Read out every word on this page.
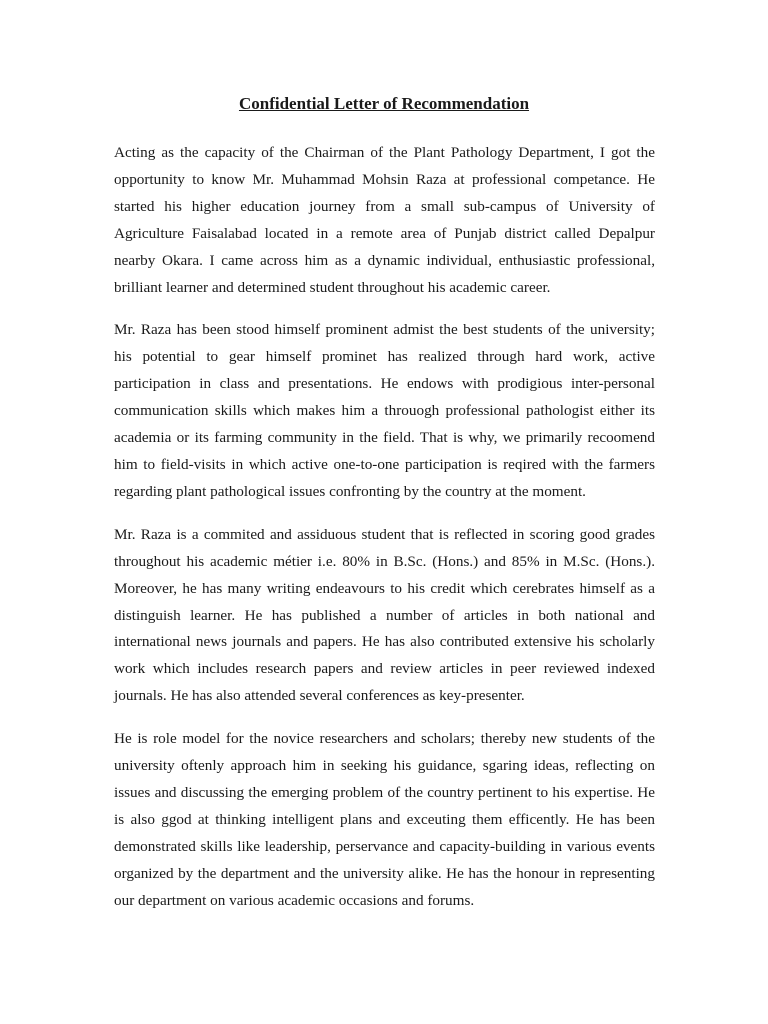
Confidential Letter of Recommendation

Acting as the capacity of the Chairman of the Plant Pathology Department, I got the opportunity to know Mr. Muhammad Mohsin Raza at professional competance. He started his higher education journey from a small sub-campus of University of Agriculture Faisalabad located in a remote area of Punjab district called Depalpur nearby Okara. I came across him as a dynamic individual, enthusiastic professional, brilliant learner and determined student throughout his academic career.

Mr. Raza has been stood himself prominent admist the best students of the university; his potential to gear himself prominet has realized through hard work, active participation in class and presentations. He endows with prodigious inter-personal communication skills which makes him a throuogh professional pathologist either its academia or its farming community in the field. That is why, we primarily recoomend him to field-visits in which active one-to-one participation is reqired with the farmers regarding plant pathological issues confronting by the country at the moment.

Mr. Raza is a commited and assiduous student that is reflected in scoring good grades throughout his academic métier i.e. 80% in B.Sc. (Hons.) and 85% in M.Sc. (Hons.). Moreover, he has many writing endeavours to his credit which cerebrates himself as a distinguish learner. He has published a number of articles in both national and international news journals and papers. He has also contributed extensive his scholarly work which includes research papers and review articles in peer reviewed indexed journals. He has also attended several conferences as key-presenter.

He is role model for the novice researchers and scholars; thereby new students of the university oftenly approach him in seeking his guidance, sgaring ideas, reflecting on issues and discussing the emerging problem of the country pertinent to his expertise. He is also ggod at thinking intelligent plans and exceuting them efficently. He has been demonstrated skills like leadership, perservance and capacity-building in various events organized by the department and the university alike. He has the honour in representing our department on various academic occasions and forums.
